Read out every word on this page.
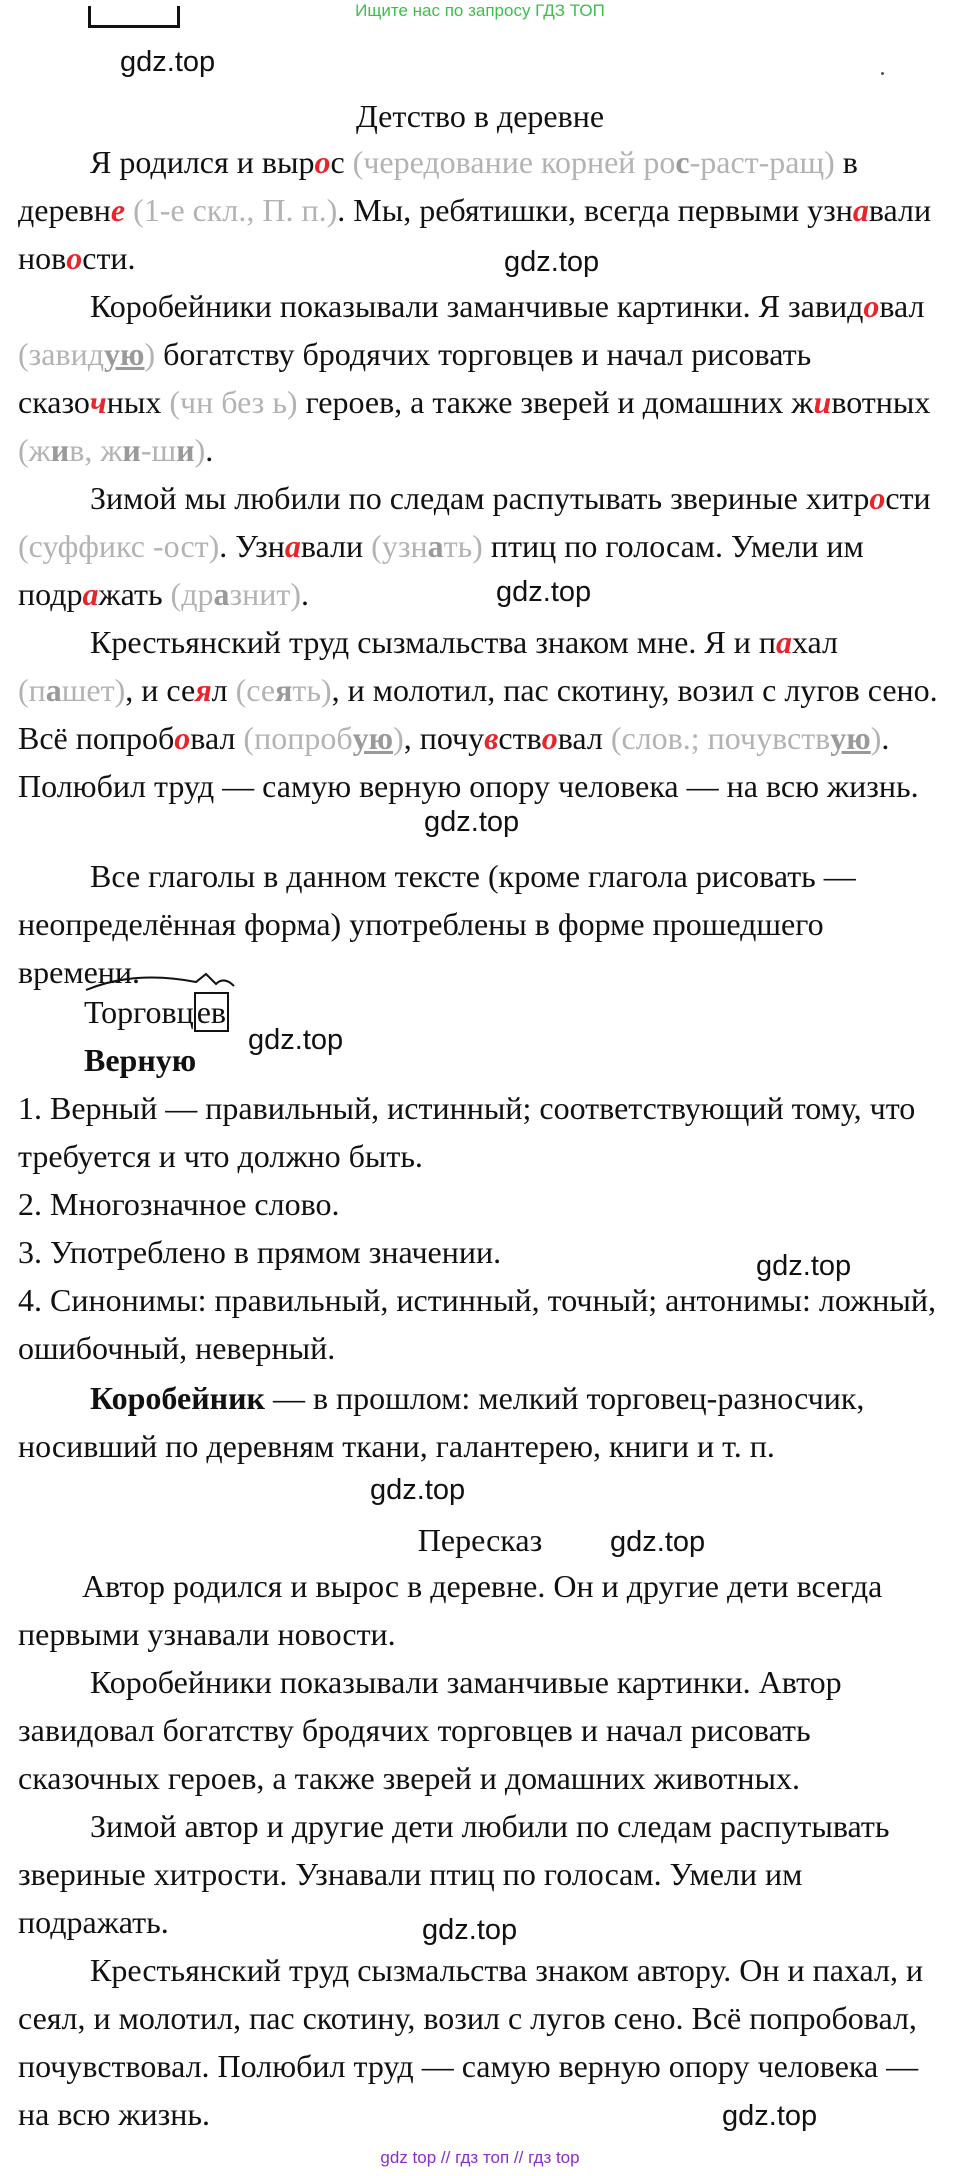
Ищите нас по запросу ГДЗ ТОП
gdz.top
gdz.top
gdz.top
gdz.top
gdz.top
gdz.top
gdz.top
gdz.top
gdz.top
gdz.top
Детство в деревне

Я родился и вырос (чередование корней рос-раст-ращ) в деревне (1-е скл., П. п.). Мы, ребятишки, всегда первыми узнавали новости.

Коробейники показывали заманчивые картинки. Я завидовал (завидую) богатству бродячих торговцев и начал рисовать сказочных (чн без ь) героев, а также зверей и домашних животных (жив, жи-ши).

Зимой мы любили по следам распутывать звериные хитрости (суффикс -ост). Узнавали (узнать) птиц по голосам. Умели им подражать (дразнит).

Крестьянский труд сызмальства знаком мне. Я и пахал (пашет), и сеял (сеять), и молотил, пас скотину, возил с лугов сено. Всё попробовал (попробую), почувствовал (слов.; почувствую). Полюбил труд — самую верную опору человека — на всю жизнь.

Все глаголы в данном тексте (кроме глагола рисовать — неопределённая форма) употреблены в форме прошедшего времени.

Торговцев
Верную

1. Верный — правильный, истинный; соответствующий тому, что требуется и что должно быть.

2. Многозначное слово.

3. Употреблено в прямом значении.

4. Синонимы: правильный, истинный, точный; антонимы: ложный, ошибочный, неверный.

Коробейник — в прошлом: мелкий торговец-разносчик, носивший по деревням ткани, галантерею, книги и т. п.

Пересказ

Автор родился и вырос в деревне. Он и другие дети всегда первыми узнавали новости.

Коробейники показывали заманчивые картинки. Автор завидовал богатству бродячих торговцев и начал рисовать сказочных героев, а также зверей и домашних животных.

Зимой автор и другие дети любили по следам распутывать звериные хитрости. Узнавали птиц по голосам. Умели им подражать.

Крестьянский труд сызмальства знаком автору. Он и пахал, и сеял, и молотил, пас скотину, возил с лугов сено. Всё попробовал, почувствовал. Полюбил труд — самую верную опору человека — на всю жизнь.

gdz top // гдз топ // гдз top
